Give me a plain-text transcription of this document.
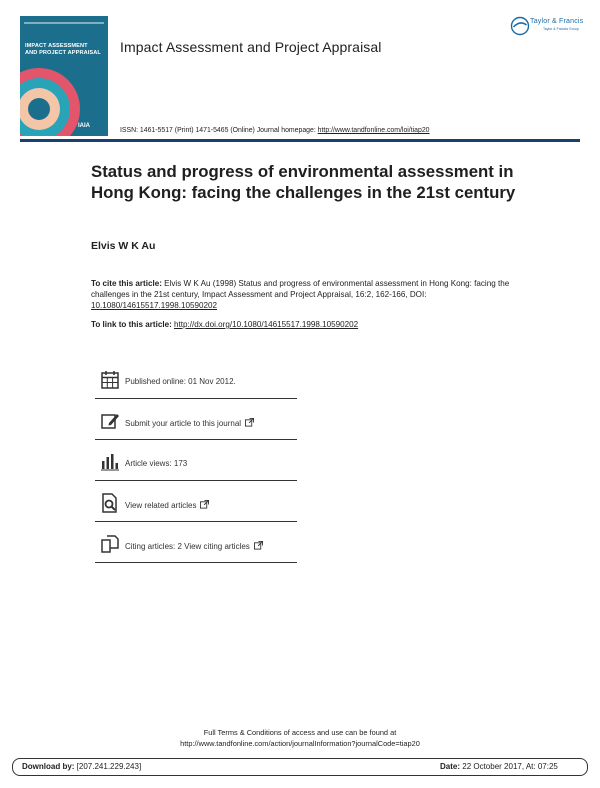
IMPACT ASSESSMENT
AND PROJECT APPRAISAL
IAIA
Impact Assessment and Project Appraisal
Taylor & Francis
Taylor & Francis Group
ISSN: 1461-5517 (Print) 1471-5465 (Online) Journal homepage: http://www.tandfonline.com/loi/tiap20
Status and progress of environmental assessment in Hong Kong: facing the challenges in the 21st century
Elvis W K Au
To cite this article: Elvis W K Au (1998) Status and progress of environmental assessment in Hong Kong: facing the challenges in the 21st century, Impact Assessment and Project Appraisal, 16:2, 162-166, DOI: 10.1080/14615517.1998.10590202
To link to this article: http://dx.doi.org/10.1080/14615517.1998.10590202
Published online: 01 Nov 2012.
Submit your article to this journal
Article views: 173
View related articles
Citing articles: 2 View citing articles
Full Terms & Conditions of access and use can be found at
http://www.tandfonline.com/action/journalInformation?journalCode=tiap20
Download by: [207.241.229.243]	Date: 22 October 2017, At: 07:25
